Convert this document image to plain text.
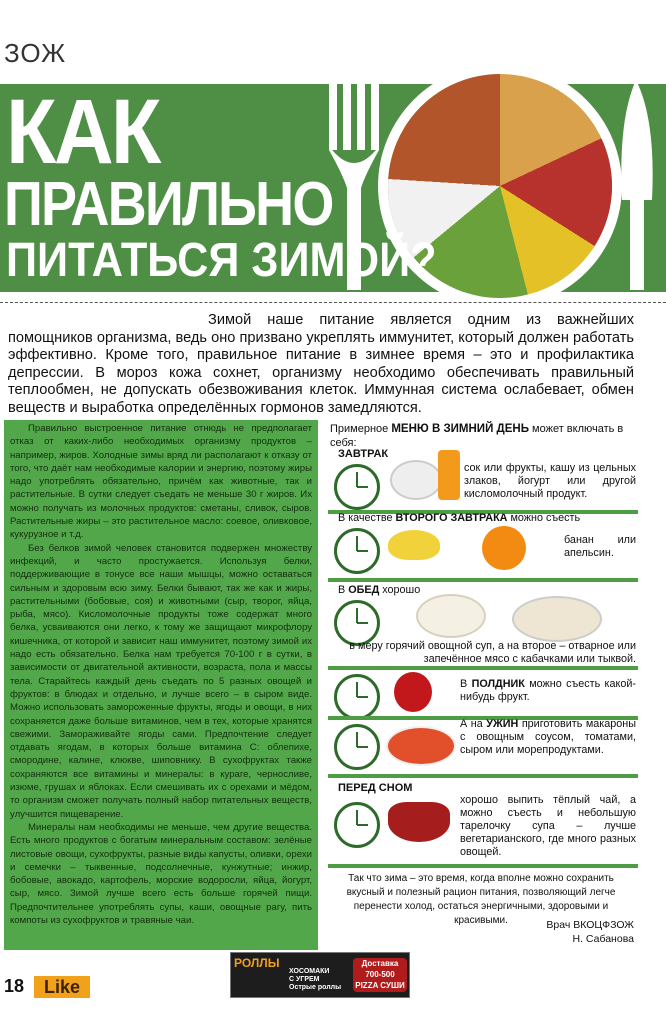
ЗОЖ
КАК
ПРАВИЛЬНО
ПИТАТЬСЯ ЗИМОЙ?
Зимой наше питание является одним из важнейших помощников организма, ведь оно призвано укреплять иммунитет, который должен работать эффективно. Кроме того, правильное питание в зимнее время – это и профилактика депрессии. В мороз кожа сохнет, организму необходимо обеспечивать правильный теплообмен, не допускать обезвоживания клеток. Иммунная система ослабевает, обмен веществ и выработка определённых гормонов замедляются.

Правильно выстроенное питание отнюдь не предполагает отказ от каких-либо необходимых организму продуктов – например, жиров. Холодные зимы вряд ли располагают к отказу от того, что даёт нам необходимые калории и энергию, поэтому жиры надо употреблять обязательно, причём как животные, так и растительные. В сутки следует съедать не меньше 30 г жиров. Их можно получать из молочных продуктов: сметаны, сливок, сыров. Растительные жиры – это растительное масло: соевое, оливковое, кукурузное и т.д.

Без белков зимой человек становится подвержен множеству инфекций, и часто простужается. Используя белки, поддерживающие в тонусе все наши мышцы, можно оставаться сильным и здоровым всю зиму. Белки бывают, так же как и жиры, растительными (бобовые, соя) и животными (сыр, творог, яйца, рыба, мясо). Кисломолочные продукты тоже содержат много белка, усваиваются они легко, к тому же защищают микрофлору кишечника, от которой и зависит наш иммунитет, поэтому зимой их надо есть обязательно. Белка нам требуется 70-100 г в сутки, в зависимости от двигательной активности, возраста, пола и массы тела. Старайтесь каждый день съедать по 5 разных овощей и фруктов: в блюдах и отдельно, и лучше всего – в сыром виде. Можно использовать замороженные фрукты, ягоды и овощи, в них сохраняется даже больше витаминов, чем в тех, которые хранятся свежими. Замораживайте ягоды сами. Предпочтение следует отдавать ягодам, в которых больше витамина С: облепихе, смородине, калине, клюкве, шиповнику. В сухофруктах также сохраняются все витамины и минералы: в кураге, черносливе, изюме, грушах и яблоках. Если смешивать их с орехами и мёдом, то организм сможет получать полный набор питательных веществ, улучшится пищеварение.

Минералы нам необходимы не меньше, чем другие вещества. Есть много продуктов с богатым минеральным составом: зелёные листовые овощи, сухофрукты, разные виды капусты, оливки, орехи и семечки – тыквенные, подсолнечные, кунжутные; инжир, бобовые, авокадо, картофель, морские водоросли, яйца, йогурт, сыр, мясо. Зимой лучше всего есть больше горячей пищи. Предпочтительнее употреблять супы, каши, овощные рагу, пить компоты из сухофруктов и травяные чаи.

Примерное МЕНЮ В ЗИМНИЙ ДЕНЬ может включать в себя:
ЗАВТРАК
сок или фрукты, кашу из цельных злаков, йогурт или другой кисломолочный продукт.
В качестве ВТОРОГО ЗАВТРАКА можно съесть
банан или апельсин.
В ОБЕД хорошо
в меру горячий овощной суп, а на второе – отварное или запечённое мясо с кабачками или тыквой.
В ПОЛДНИК можно съесть какой-нибудь фрукт.
А на УЖИН приготовить макароны с овощным соусом, томатами, сыром или морепродуктами.
ПЕРЕД СНОМ
хорошо выпить тёплый чай, а можно съесть и небольшую тарелочку супа – лучше вегетарианского, где много разных овощей.
Так что зима – это время, когда вполне можно сохранить вкусный и полезный рацион питания, позволяющий легче перенести холод, остаться энергичными, здоровыми и красивыми.	Врач ВКОЦФЗОЖ
Н. Сабанова
18	Like
РОЛЛЫ
ХОСОМАКИ
С УГРЕМ
Острые роллы
Доставка
700-500
PIZZA СУШИ
